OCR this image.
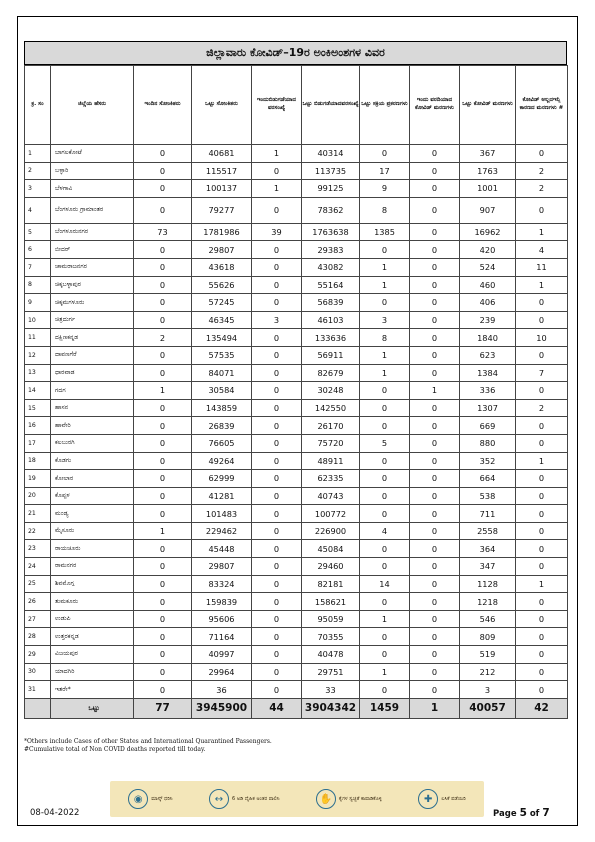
ಜಿಲ್ಲಾವಾರು ಕೋವಿಡ್–19ರ ಅಂಕಿಅಂಶಗಳ ವಿವರ
ಕ್ರ. ಸಂ	ಜಿಲ್ಲೆಯ ಹೆಸರು	ಇಂದಿನ ಸೋಂಕಿತರು	ಒಟ್ಟು ಸೋಂಕಿತರು	ಇಂದುಬಿಡುಗಡೆಯಾದ ವರಸಂಖ್ಯೆ	ಒಟ್ಟು ಬಿಡುಗಡೆಯಾದವರಸಂಖ್ಯೆ	ಒಟ್ಟು ಸಕ್ರಿಯ ಪ್ರಕರಣಗಳು	ಇಂದು ವರದಿಯಾದ ಕೋವಿಡ್ ಮರಣಗಳು	ಒಟ್ಟು ಕೋವಿಡ್ ಮರಣಗಳು	ಕೋವಿಡ್ ಅಲ್ಲದಇನ್ನಿ ಕಾರಣದ ಮರಣಗಳು #
1	ಬಾಗಲಕೋಟೆ	0	40681	1	40314	0	0	367	0
2	ಬಳ್ಳಾರಿ	0	115517	0	113735	17	0	1763	2
3	ಬೆಳಗಾವಿ	0	100137	1	99125	9	0	1001	2
4	ಬೆಂಗಳೂರು ಗ್ರಾಮಾಂತರ	0	79277	0	78362	8	0	907	0
5	ಬೆಂಗಳೂರುನಗರ	73	1781986	39	1763638	1385	0	16962	1
6	ಬೀದರ್	0	29807	0	29383	0	0	420	4
7	ಚಾಮರಾಜನಗರ	0	43618	0	43082	1	0	524	11
8	ಚಿಕ್ಕಬಳ್ಳಾಪುರ	0	55626	0	55164	1	0	460	1
9	ಚಿಕ್ಕಮಗಳೂರು	0	57245	0	56839	0	0	406	0
10	ಚಿತ್ರದುರ್ಗ	0	46345	3	46103	3	0	239	0
11	ದಕ್ಷಿಣಕನ್ನಡ	2	135494	0	133636	8	0	1840	10
12	ದಾವಣಗೆರೆ	0	57535	0	56911	1	0	623	0
13	ಧಾರವಾಡ	0	84071	0	82679	1	0	1384	7
14	ಗದಗ	1	30584	0	30248	0	1	336	0
15	ಹಾಸನ	0	143859	0	142550	0	0	1307	2
16	ಹಾವೇರಿ	0	26839	0	26170	0	0	669	0
17	ಕಲಬುರಗಿ	0	76605	0	75720	5	0	880	0
18	ಕೊಡಗು	0	49264	0	48911	0	0	352	1
19	ಕೋಲಾರ	0	62999	0	62335	0	0	664	0
20	ಕೊಪ್ಪಳ	0	41281	0	40743	0	0	538	0
21	ಮಂಡ್ಯ	0	101483	0	100772	0	0	711	0
22	ಮೈಸೂರು	1	229462	0	226900	4	0	2558	0
23	ರಾಯಚೂರು	0	45448	0	45084	0	0	364	0
24	ರಾಮನಗರ	0	29807	0	29460	0	0	347	0
25	ಶಿವಮೊಗ್ಗ	0	83324	0	82181	14	0	1128	1
26	ತುಮಕೂರು	0	159839	0	158621	0	0	1218	0
27	ಉಡುಪಿ	0	95606	0	95059	1	0	546	0
28	ಉತ್ತರಕನ್ನಡ	0	71164	0	70355	0	0	809	0
29	ವಿಜಯಪುರ	0	40997	0	40478	0	0	519	0
30	ಯಾದಗಿರಿ	0	29964	0	29751	1	0	212	0
31	ಇತರೇ*	0	36	0	33	0	0	3	0
	ಒಟ್ಟು	77	3945900	44	3904342	1459	1	40057	42
*Others include Cases of other States and International Quarantined Passengers.
#Cumulative total of Non COVID deaths reported till today.
◉	ಮಾಸ್ಕ್ ಧರಿಸಿ	↔	6 ಅಡಿ ದೈಹಿಕ ಅಂತರ ಪಾಲಿಸಿ	✋	ಕೈಗಳ ಸ್ವಚ್ಛತೆ ಕಾಪಾಡಿಕೊಳ್ಳಿ	✚	ಲಸಿಕೆ ಪಡೆಯಿರಿ
08-04-2022	Page 5 of 7
